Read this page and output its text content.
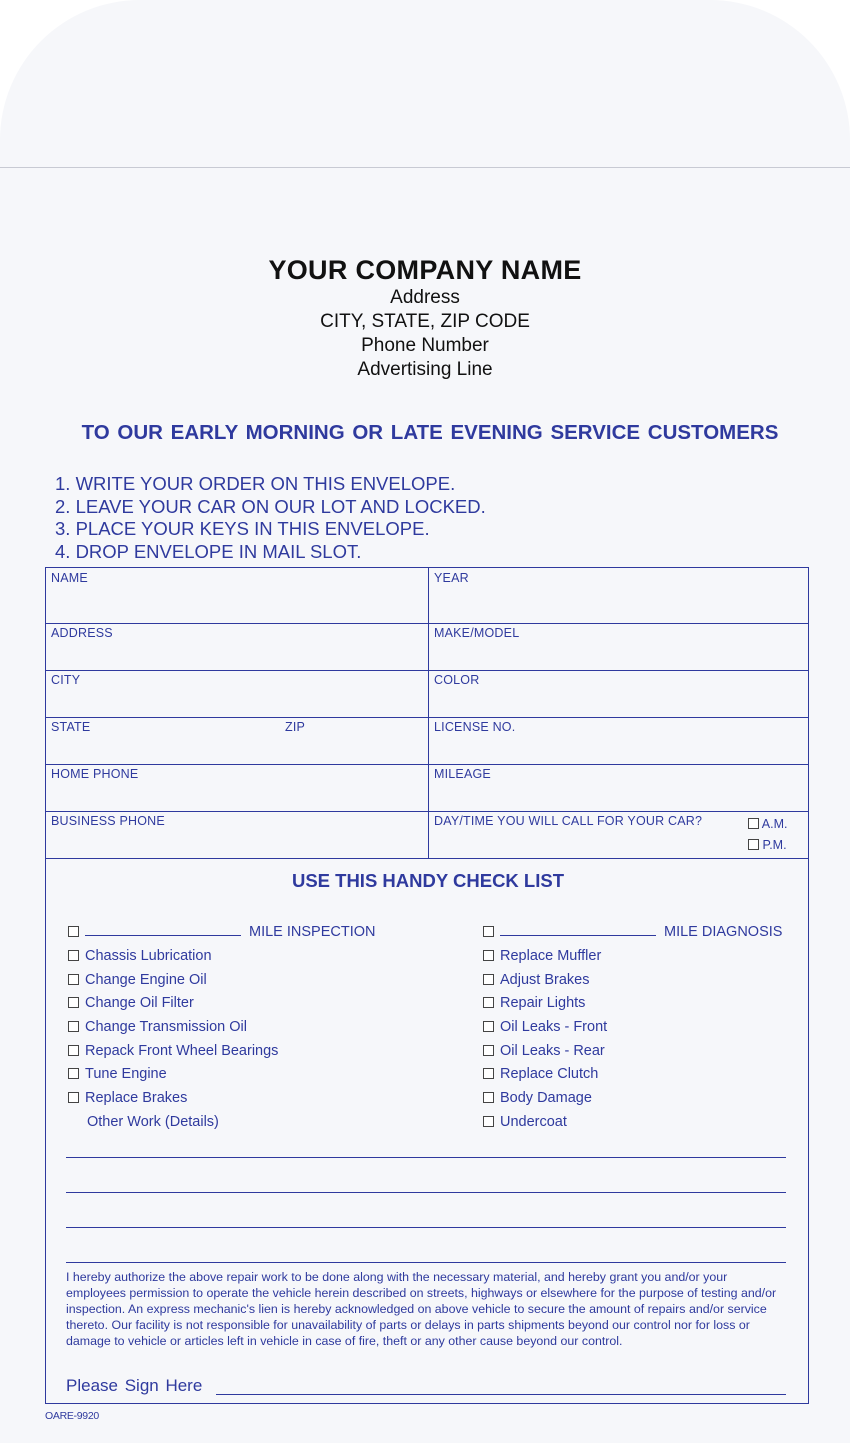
YOUR COMPANY NAME
Address
CITY, STATE, ZIP CODE
Phone Number
Advertising Line
TO OUR EARLY MORNING OR LATE EVENING SERVICE CUSTOMERS
1. WRITE YOUR ORDER ON THIS ENVELOPE.
2. LEAVE YOUR CAR ON OUR LOT AND LOCKED.
3. PLACE YOUR KEYS IN THIS ENVELOPE.
4. DROP ENVELOPE IN MAIL SLOT.
NAME	YEAR
ADDRESS	MAKE/MODEL
CITY	COLOR
STATE	ZIP	LICENSE NO.
HOME PHONE	MILEAGE
BUSINESS PHONE	DAY/TIME YOU WILL CALL FOR YOUR CAR?	A.M.
P.M.
USE THIS HANDY CHECK LIST
MILE INSPECTION
Chassis Lubrication
Change Engine Oil
Change Oil Filter
Change Transmission Oil
Repack Front Wheel Bearings
Tune Engine
Replace Brakes
Other Work (Details)
MILE DIAGNOSIS
Replace Muffler
Adjust Brakes
Repair Lights
Oil Leaks - Front
Oil Leaks - Rear
Replace Clutch
Body Damage
Undercoat
I hereby authorize the above repair work to be done along with the necessary material, and hereby grant you and/or your employees permission to operate the vehicle herein described on streets, highways or elsewhere for the purpose of testing and/or inspection. An express mechanic's lien is hereby acknowledged on above vehicle to secure the amount of repairs and/or service thereto. Our facility is not responsible for unavailability of parts or delays in parts shipments beyond our control nor for loss or damage to vehicle or articles left in vehicle in case of fire, theft or any other cause beyond our control.
Please Sign Here
OARE-9920
